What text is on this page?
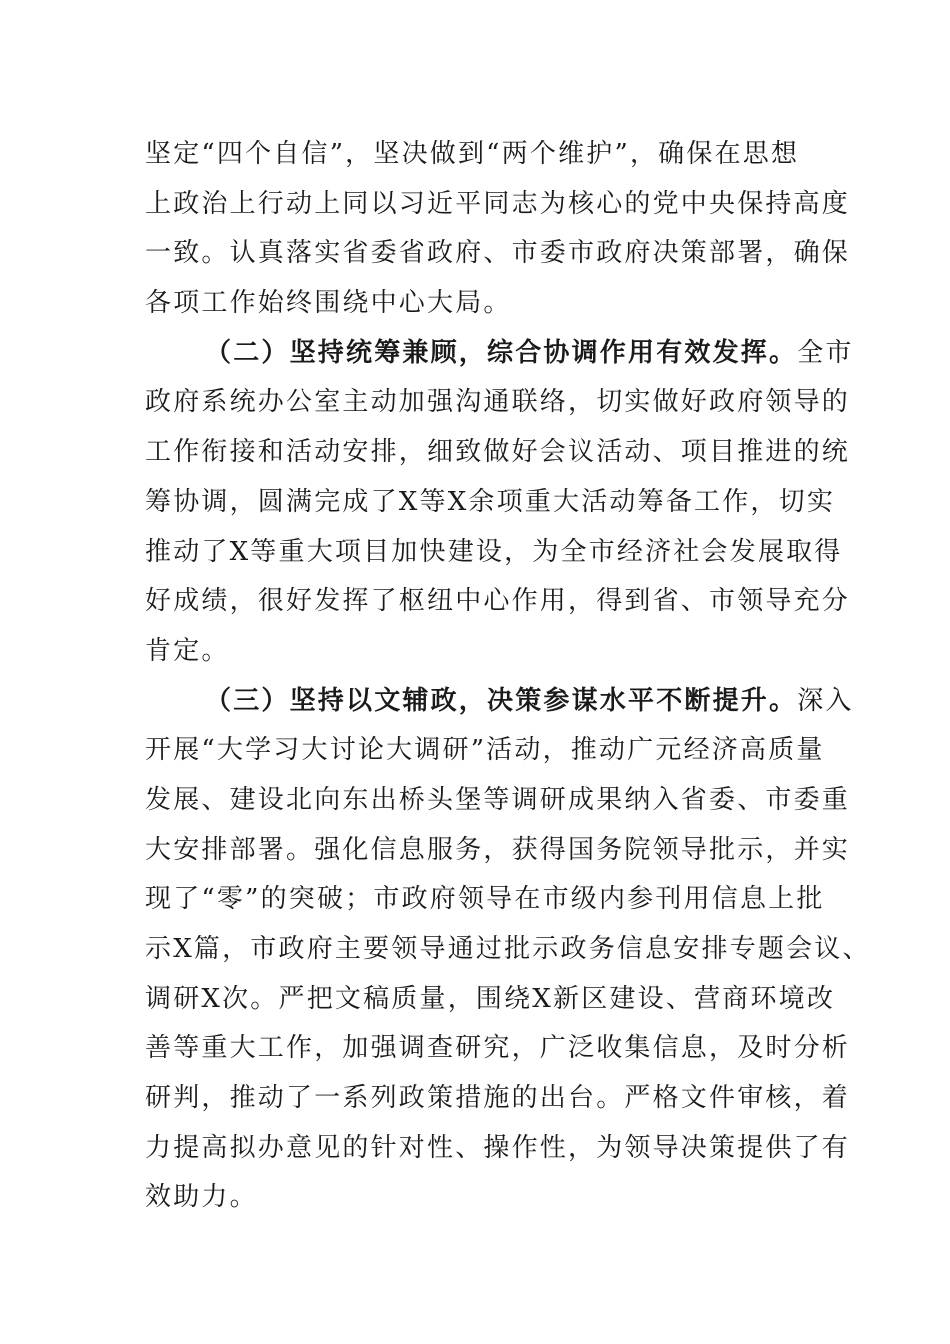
坚定“四个自信”，坚决做到“两个维护”，确保在思想
上政治上行动上同以习近平同志为核心的党中央保持高度
一致。认真落实省委省政府、市委市政府决策部署，确保
各项工作始终围绕中心大局。
（二）坚持统筹兼顾，综合协调作用有效发挥。全市
政府系统办公室主动加强沟通联络，切实做好政府领导的
工作衔接和活动安排，细致做好会议活动、项目推进的统
筹协调，圆满完成了X等X余项重大活动筹备工作，切实
推动了X等重大项目加快建设，为全市经济社会发展取得
好成绩，很好发挥了枢纽中心作用，得到省、市领导充分
肯定。
（三）坚持以文辅政，决策参谋水平不断提升。深入
开展“大学习大讨论大调研”活动，推动广元经济高质量
发展、建设北向东出桥头堡等调研成果纳入省委、市委重
大安排部署。强化信息服务，获得国务院领导批示，并实
现了“零”的突破；市政府领导在市级内参刊用信息上批
示X篇，市政府主要领导通过批示政务信息安排专题会议、
调研X次。严把文稿质量，围绕X新区建设、营商环境改
善等重大工作，加强调查研究，广泛收集信息，及时分析
研判，推动了一系列政策措施的出台。严格文件审核，着
力提高拟办意见的针对性、操作性，为领导决策提供了有
效助力。
